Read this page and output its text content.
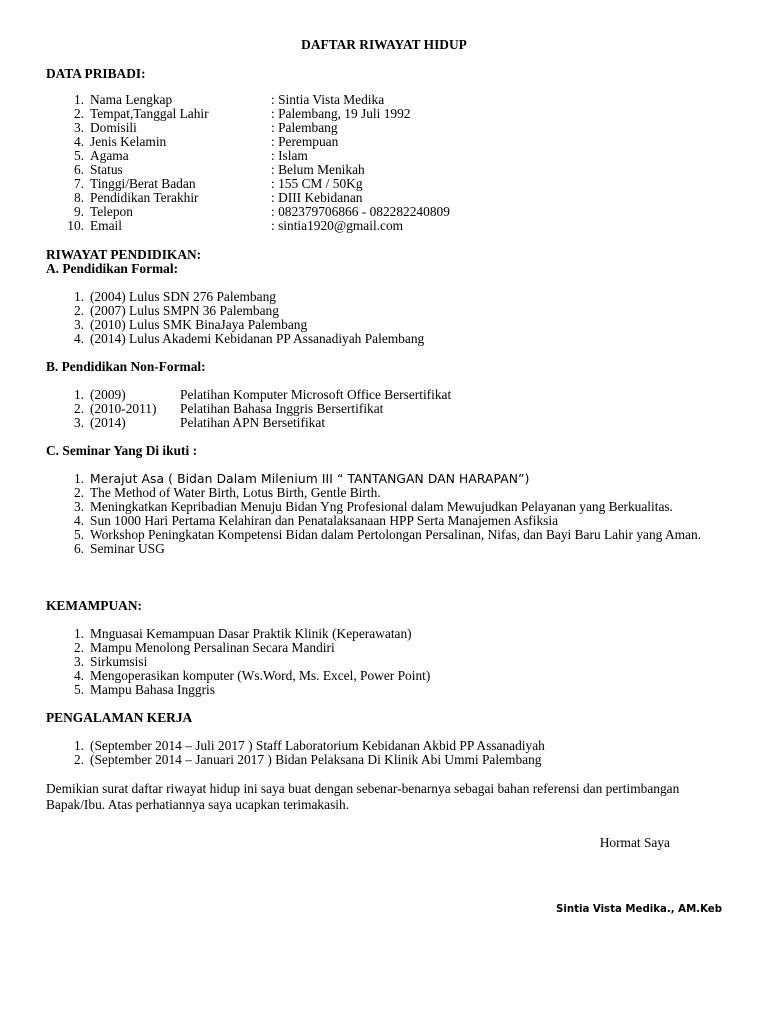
DAFTAR RIWAYAT HIDUP
DATA PRIBADI:
1 . Nama Lengkap	: Sintia Vista Medika
2 . Tempat,Tanggal Lahir	: Palembang, 19 Juli 1992
3 . Domisili	: Palembang
4 . Jenis Kelamin	: Perempuan
5 . Agama	: Islam
6 . Status	: Belum Menikah
7 . Tinggi/Berat Badan	: 155 CM / 50Kg
8 . Pendidikan Terakhir	: DIII Kebidanan
9 . Telepon	: 082379706866 - 082282240809
10 . Email	: sintia1920@gmail.com
RIWAYAT PENDIDIKAN:
A. Pendidikan Formal:
1 . (2004) Lulus SDN 276 Palembang
2 . (2007) Lulus SMPN 36 Palembang
3 . (2010) Lulus SMK BinaJaya Palembang
4 . (2014) Lulus Akademi Kebidanan PP Assanadiyah Palembang
B. Pendidikan Non-Formal:
1 . (2009)	Pelatihan Komputer Microsoft Office Bersertifikat
2 . (2010-2011) Pelatihan Bahasa Inggris Bersertifikat
3 . (2014)	Pelatihan APN Bersetifikat
C. Seminar Yang Di ikuti :
1 . Merajut Asa ( Bidan Dalam Milenium III “ TANTANGAN DAN HARAPAN”)
2 . The Method of Water Birth, Lotus Birth, Gentle Birth.
3 . Meningkatkan Kepribadian Menuju Bidan Yng Profesional dalam Mewujudkan Pelayanan yang Berkualitas.
4 . Sun 1000 Hari Pertama Kelahiran dan Penatalaksanaan HPP Serta Manajemen Asfiksia
5 . Workshop Peningkatan Kompetensi Bidan dalam Pertolongan Persalinan, Nifas, dan Bayi Baru Lahir yang Aman.
6 . Seminar USG
KEMAMPUAN:
1 . Mnguasai Kemampuan Dasar Praktik Klinik (Keperawatan)
2 . Mampu Menolong Persalinan Secara Mandiri
3 . Sirkumsisi
4 . Mengoperasikan komputer (Ws.Word, Ms. Excel, Power Point)
5 . Mampu Bahasa Inggris
PENGALAMAN KERJA
1 . (September 2014 – Juli 2017 ) Staff Laboratorium Kebidanan Akbid PP Assanadiyah
2 . (September 2014 – Januari 2017 ) Bidan Pelaksana Di Klinik Abi Ummi Palembang
Demikian surat daftar riwayat hidup ini saya buat dengan sebenar-benarnya sebagai bahan referensi dan pertimbangan Bapak/Ibu. Atas perhatiannya saya ucapkan terimakasih.
Hormat Saya
Sintia Vista Medika., AM.Keb
